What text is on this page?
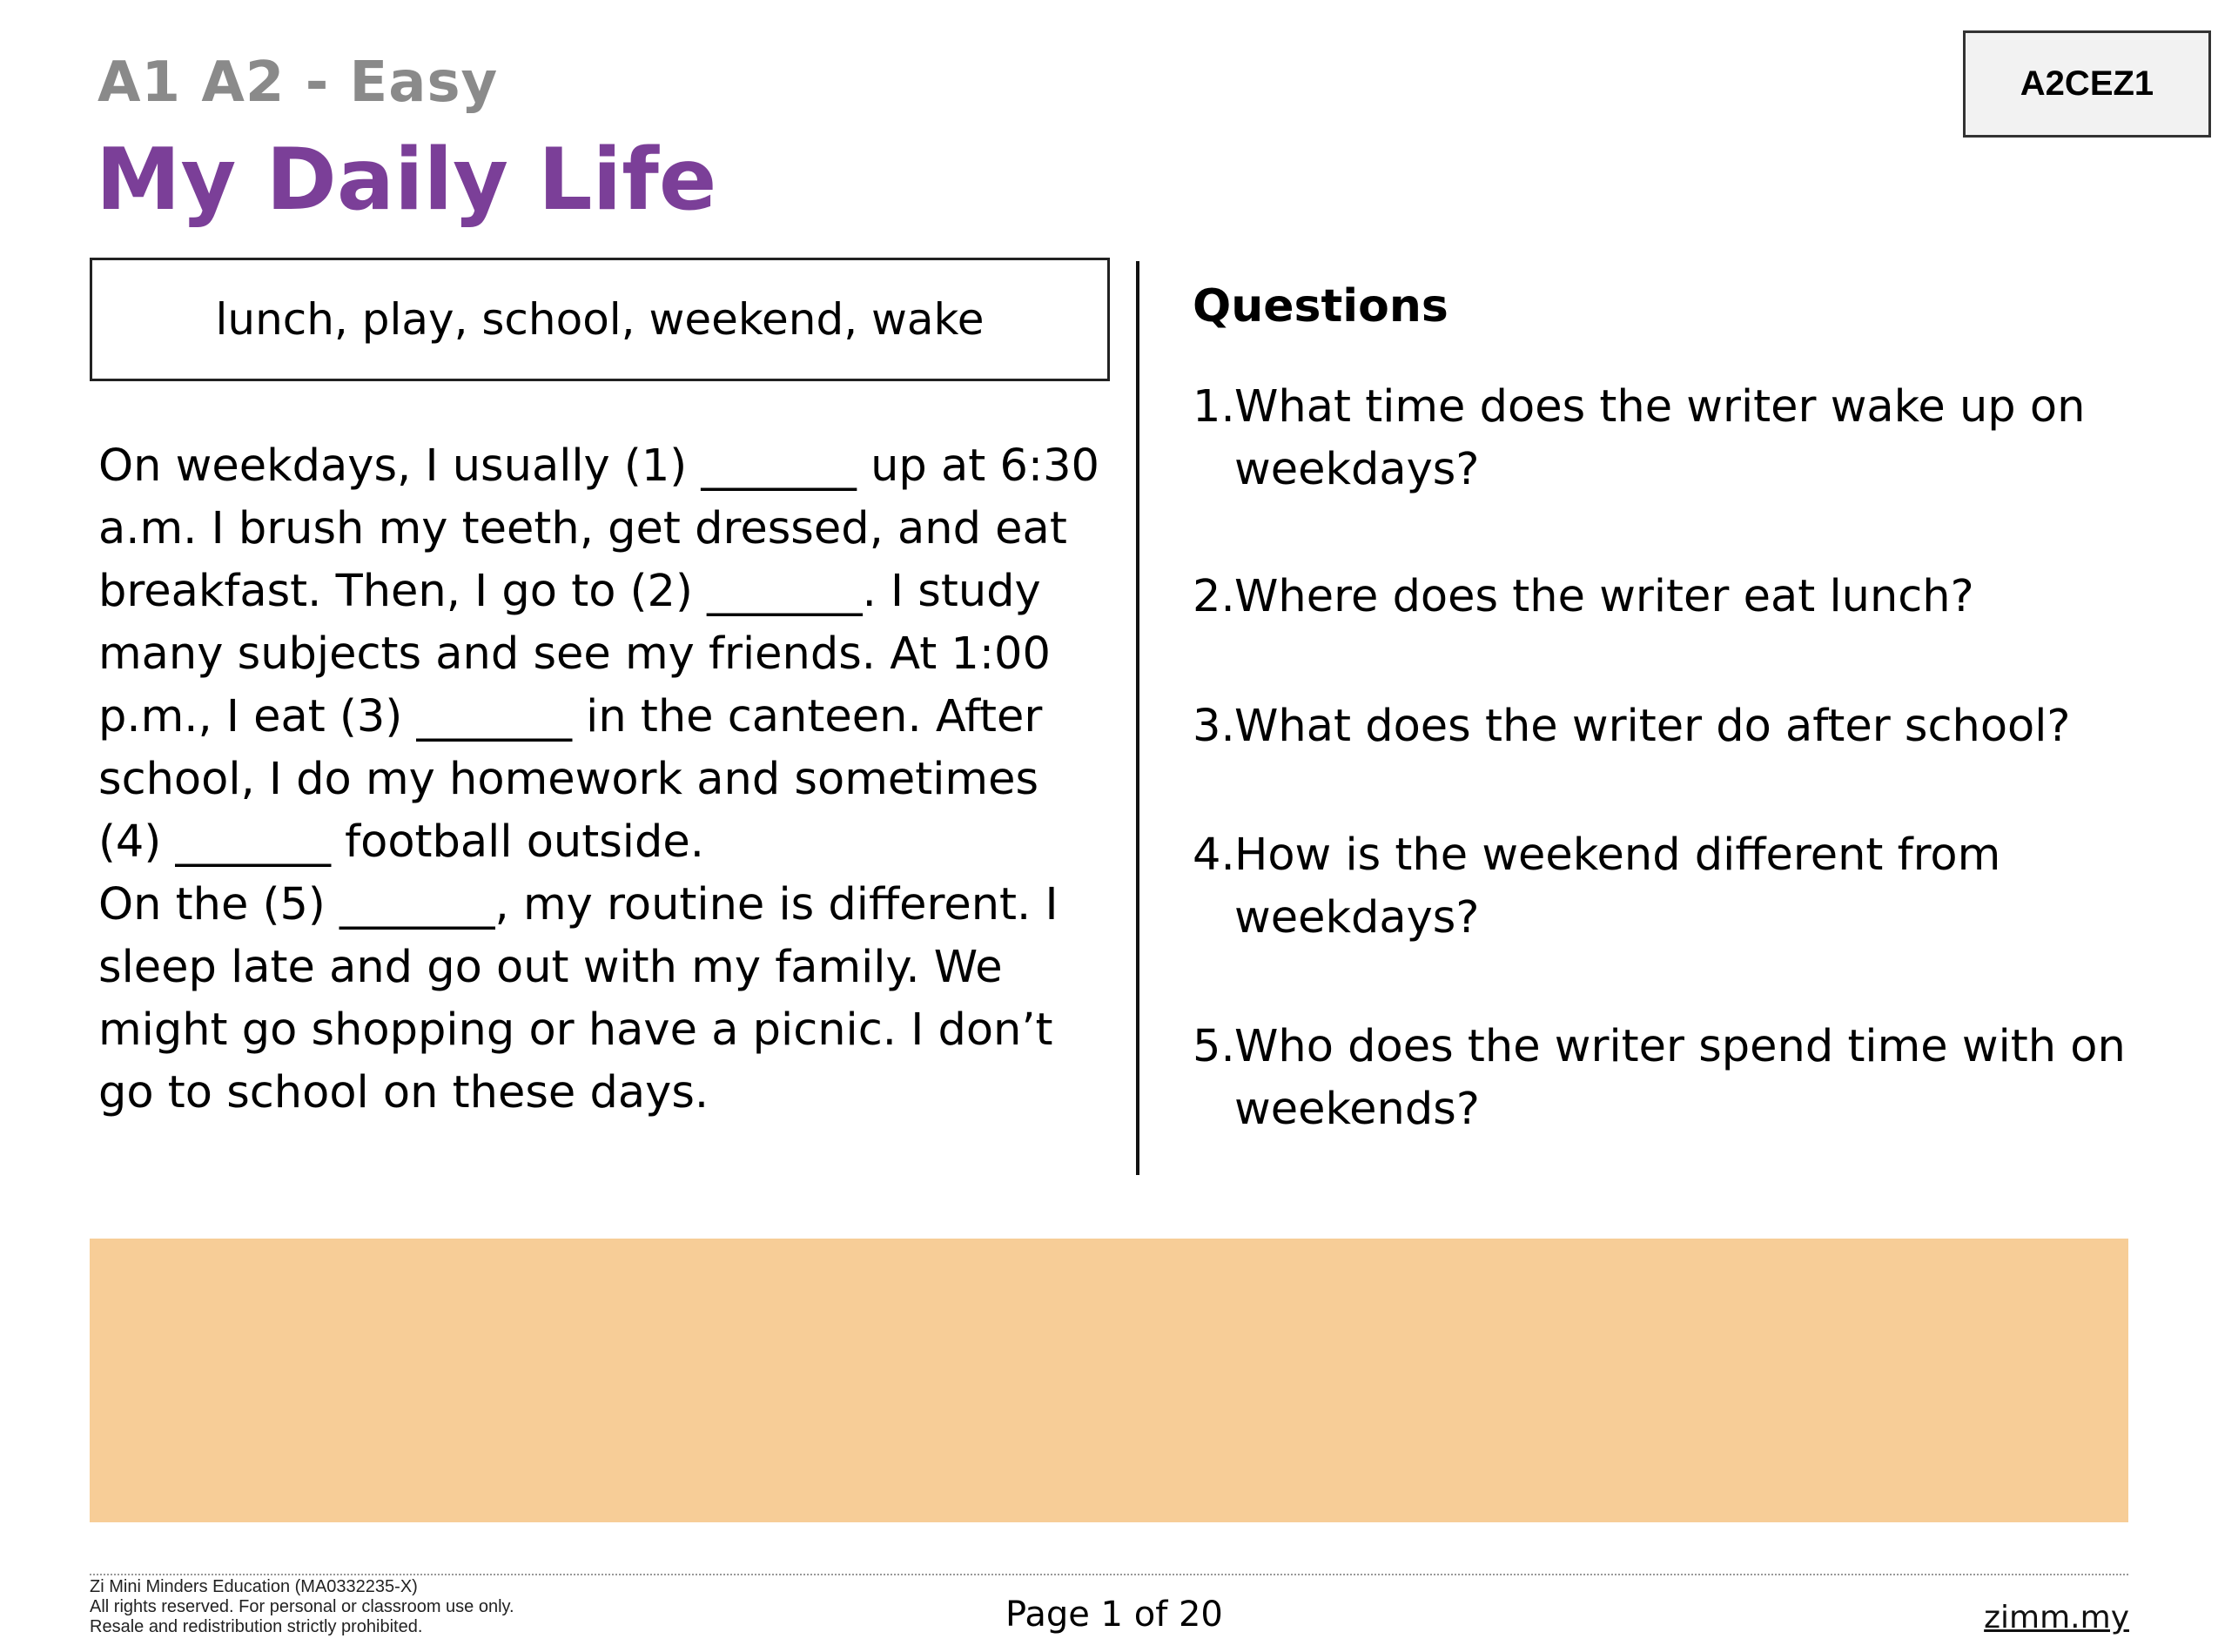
A1 A2 - Easy
My Daily Life
A2CEZ1
lunch, play, school, weekend, wake

On weekdays, I usually (1) _______ up at 6:30 a.m. I brush my teeth, get dressed, and eat breakfast. Then, I go to (2) _______. I study many subjects and see my friends. At 1:00 p.m., I eat (3) _______ in the canteen. After school, I do my homework and sometimes (4) _______ football outside.

On the (5) _______, my routine is different. I sleep late and go out with my family. We might go shopping or have a picnic. I don’t go to school on these days.

Questions
1. What time does the writer wake up on weekdays?
2. Where does the writer eat lunch?
3. What does the writer do after school?
4. How is the weekend different from weekdays?
5. Who does the writer spend time with on weekends?
Zi Mini Minders Education (MA0332235-X)
All rights reserved. For personal or classroom use only.
Resale and redistribution strictly prohibited.	Page 1 of 20	zimm.my
